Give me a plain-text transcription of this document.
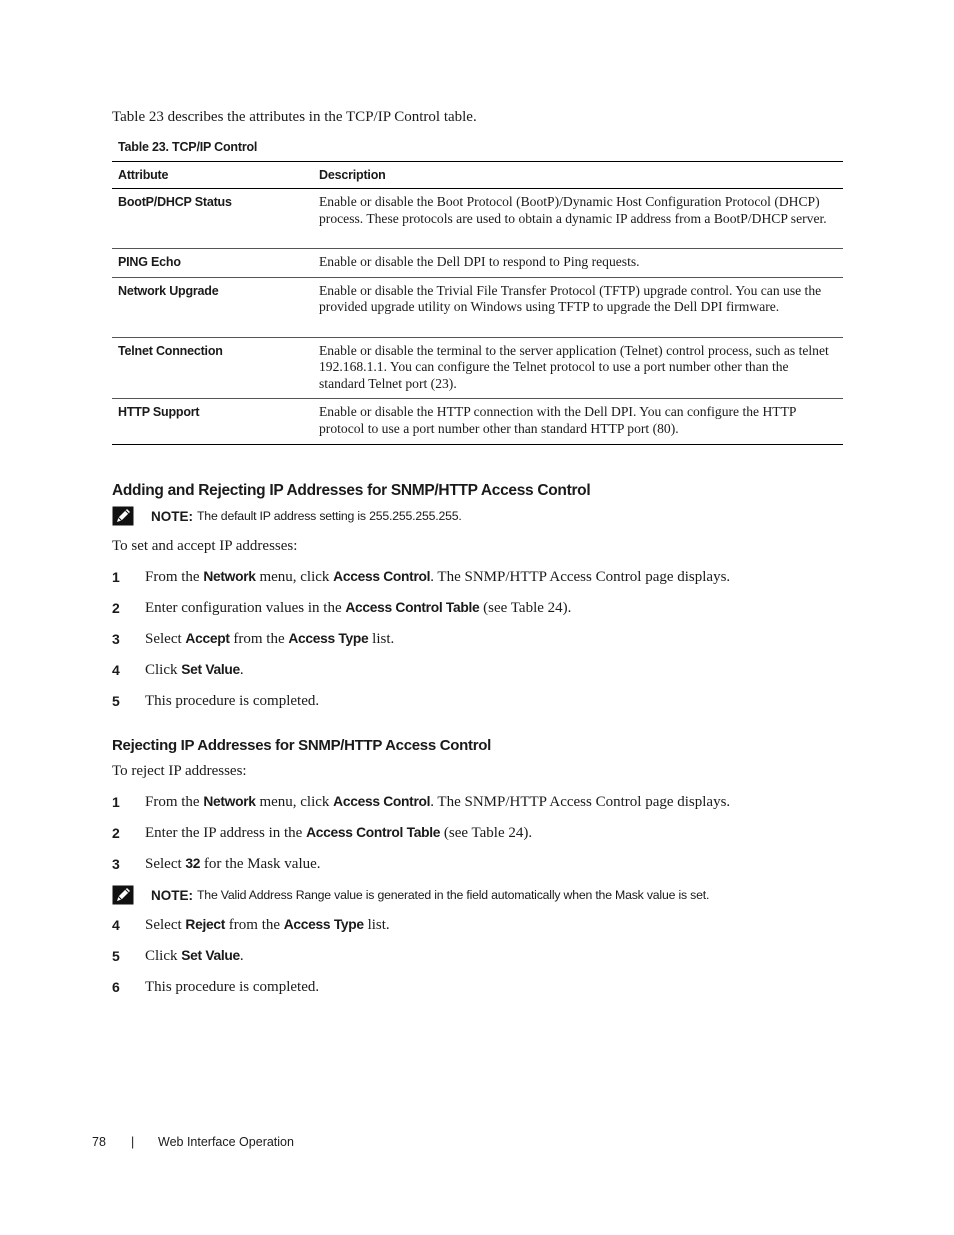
Table 23 describes the attributes in the TCP/IP Control table.
Table 23. TCP/IP Control
Attribute	Description
BootP/DHCP Status	Enable or disable the Boot Protocol (BootP)/Dynamic Host Configuration Protocol (DHCP) process. These protocols are used to obtain a dynamic IP address from a BootP/DHCP server.
PING Echo	Enable or disable the Dell DPI to respond to Ping requests.
Network Upgrade	Enable or disable the Trivial File Transfer Protocol (TFTP) upgrade control. You can use the provided upgrade utility on Windows using TFTP to upgrade the Dell DPI firmware.
Telnet Connection	Enable or disable the terminal to the server application (Telnet) control process, such as telnet 192.168.1.1. You can configure the Telnet protocol to use a port number other than the standard Telnet port (23).
HTTP Support	Enable or disable the HTTP connection with the Dell DPI. You can configure the HTTP protocol to use a port number other than standard HTTP port (80).
Adding and Rejecting IP Addresses for SNMP/HTTP Access Control
NOTE: The default IP address setting is 255.255.255.255.
To set and accept IP addresses:
1 From the Network menu, click Access Control. The SNMP/HTTP Access Control page displays.
2 Enter configuration values in the Access Control Table (see Table 24).
3 Select Accept from the Access Type list.
4 Click Set Value.
5 This procedure is completed.
Rejecting IP Addresses for SNMP/HTTP Access Control
To reject IP addresses:
1 From the Network menu, click Access Control. The SNMP/HTTP Access Control page displays.
2 Enter the IP address in the Access Control Table (see Table 24).
3 Select 32 for the Mask value.
NOTE: The Valid Address Range value is generated in the field automatically when the Mask value is set.
4 Select Reject from the Access Type list.
5 Click Set Value.
6 This procedure is completed.
78 | Web Interface Operation
